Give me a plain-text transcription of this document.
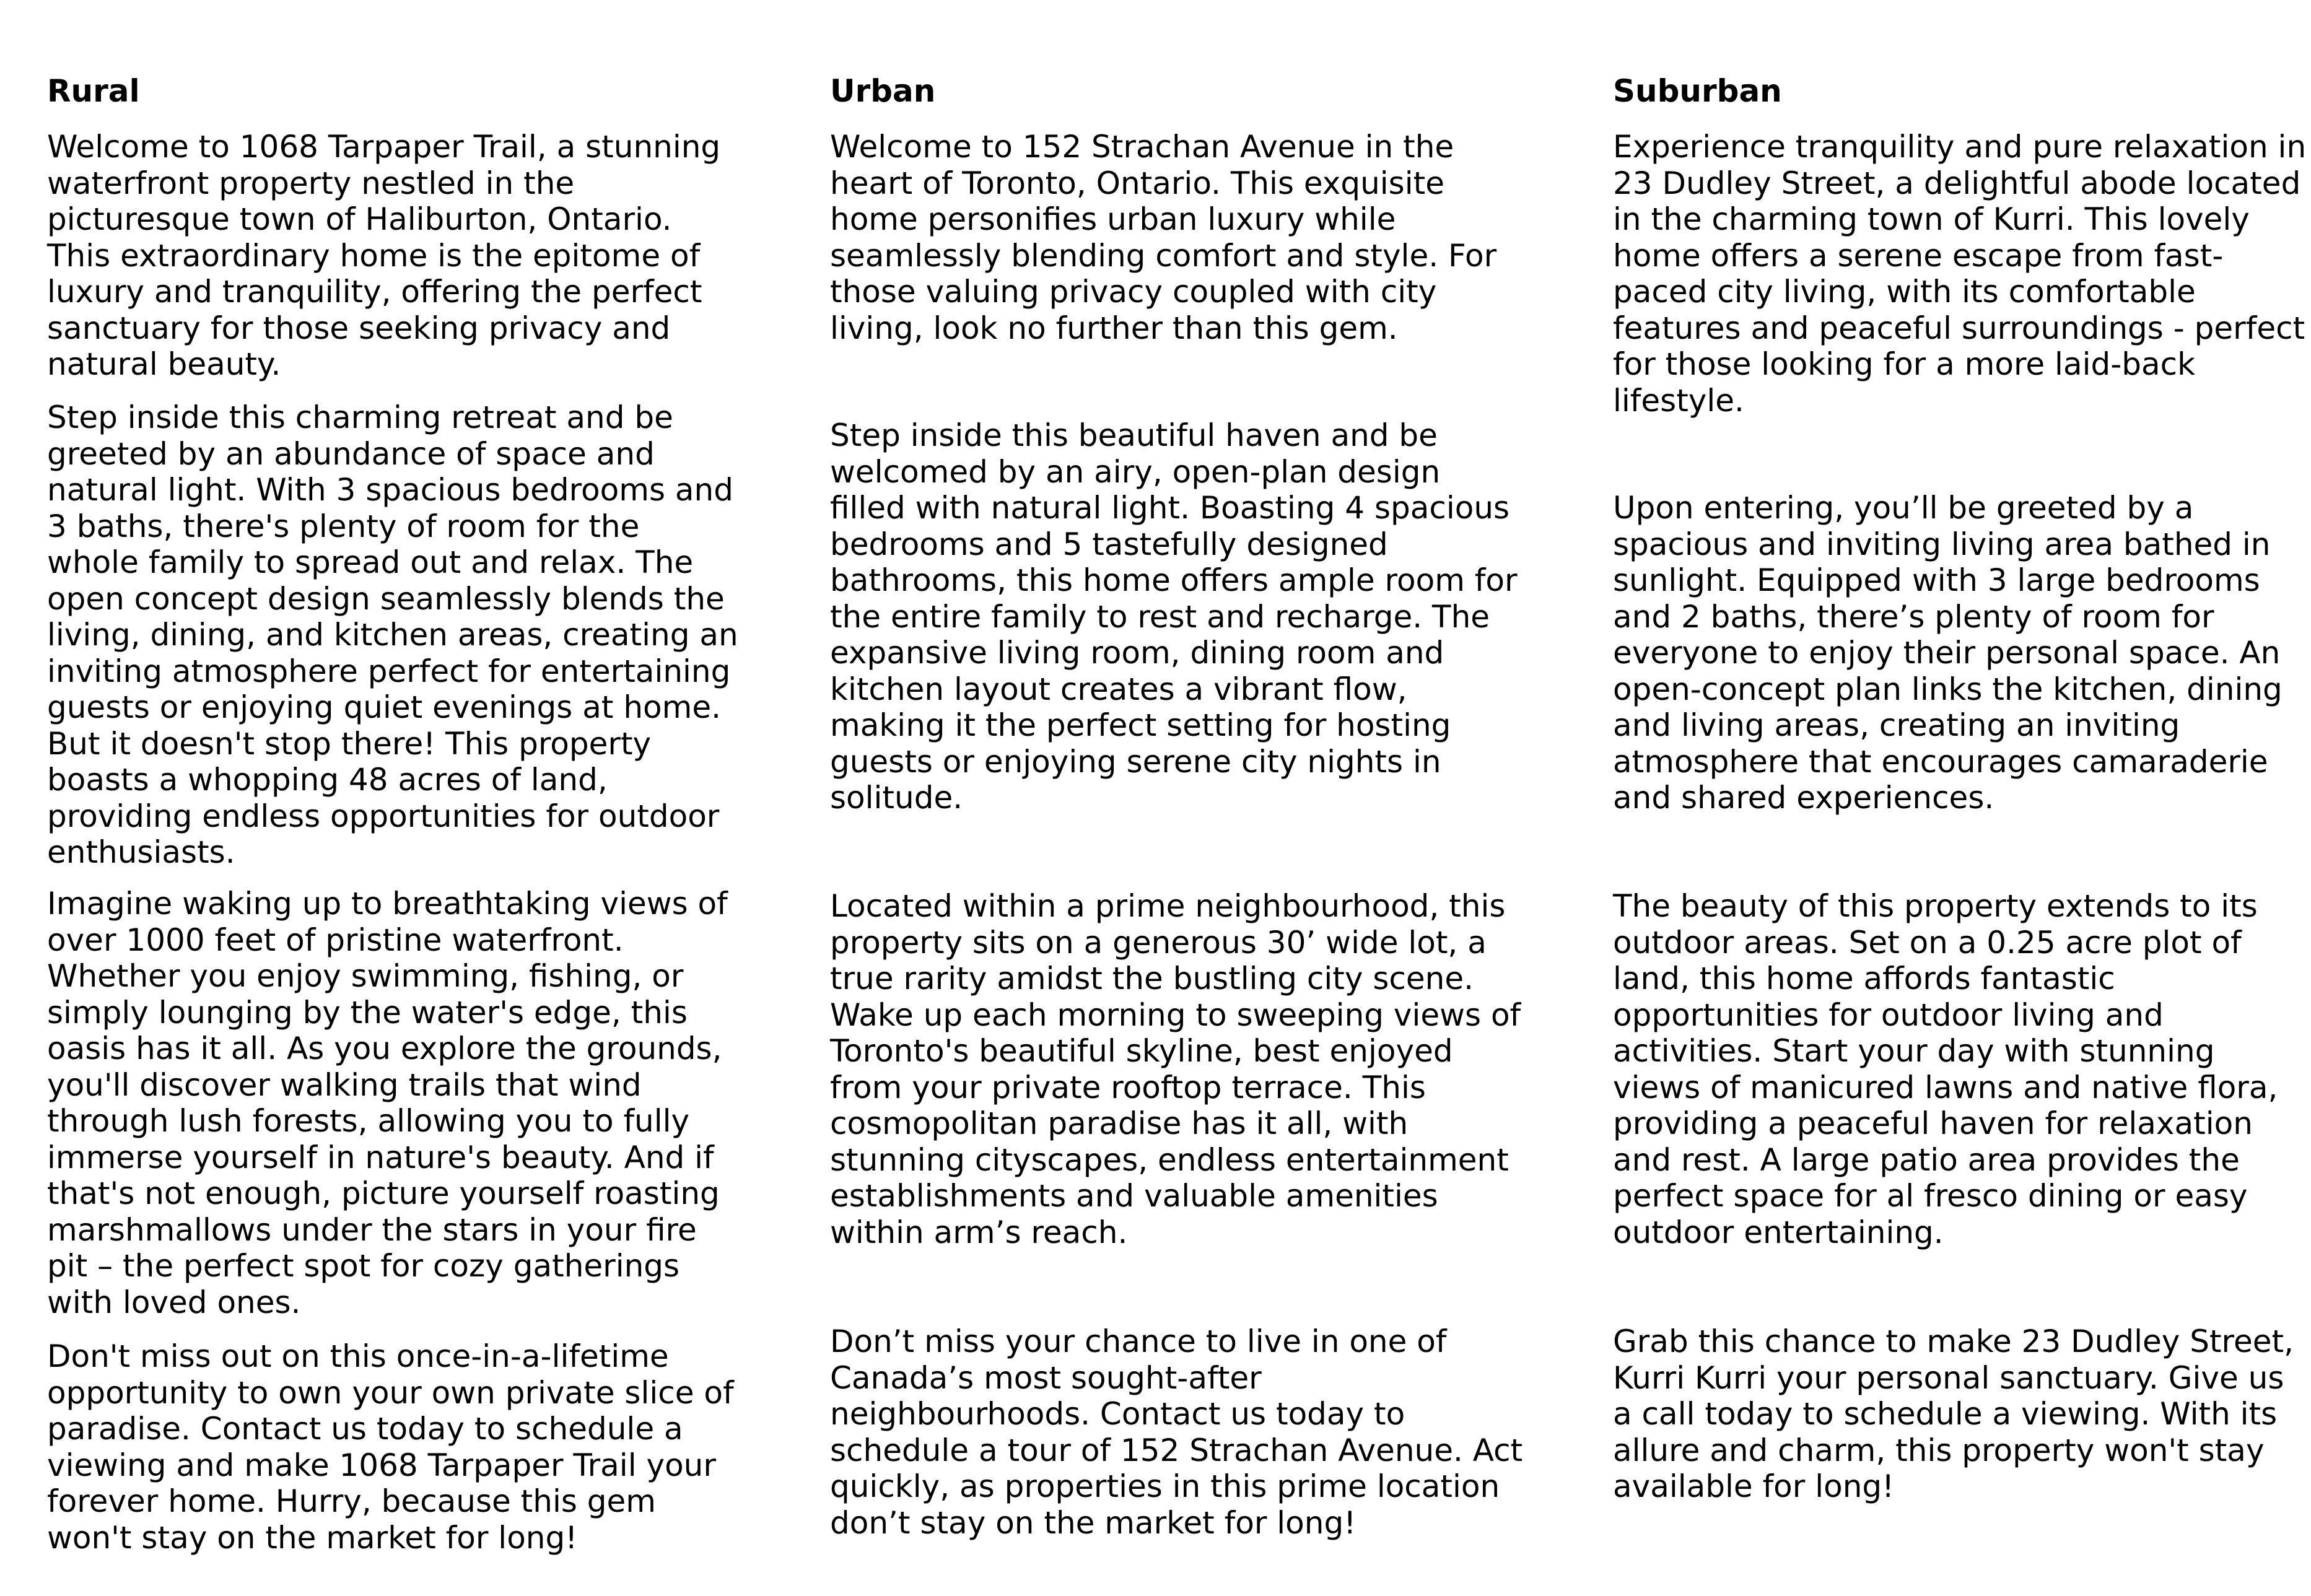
Rural

Welcome to 1068 Tarpaper Trail, a stunning waterfront property nestled in the picturesque town of Haliburton, Ontario. This extraordinary home is the epitome of luxury and tranquility, offering the perfect sanctuary for those seeking privacy and natural beauty.

Step inside this charming retreat and be greeted by an abundance of space and natural light. With 3 spacious bedrooms and 3 baths, there's plenty of room for the whole family to spread out and relax. The open concept design seamlessly blends the living, dining, and kitchen areas, creating an inviting atmosphere perfect for entertaining guests or enjoying quiet evenings at home. But it doesn't stop there! This property boasts a whopping 48 acres of land, providing endless opportunities for outdoor enthusiasts.

Imagine waking up to breathtaking views of over 1000 feet of pristine waterfront. Whether you enjoy swimming, fishing, or simply lounging by the water's edge, this oasis has it all. As you explore the grounds, you'll discover walking trails that wind through lush forests, allowing you to fully immerse yourself in nature's beauty. And if that's not enough, picture yourself roasting marshmallows under the stars in your fire pit – the perfect spot for cozy gatherings with loved ones.

Don't miss out on this once-in-a-lifetime opportunity to own your own private slice of paradise. Contact us today to schedule a viewing and make 1068 Tarpaper Trail your forever home. Hurry, because this gem won't stay on the market for long!

Urban

Welcome to 152 Strachan Avenue in the heart of Toronto, Ontario. This exquisite home personifies urban luxury while seamlessly blending comfort and style. For those valuing privacy coupled with city living, look no further than this gem.

Step inside this beautiful haven and be welcomed by an airy, open-plan design filled with natural light. Boasting 4 spacious bedrooms and 5 tastefully designed bathrooms, this home offers ample room for the entire family to rest and recharge. The expansive living room, dining room and kitchen layout creates a vibrant flow, making it the perfect setting for hosting guests or enjoying serene city nights in solitude.

Located within a prime neighbourhood, this property sits on a generous 30’ wide lot, a true rarity amidst the bustling city scene. Wake up each morning to sweeping views of Toronto's beautiful skyline, best enjoyed from your private rooftop terrace. This cosmopolitan paradise has it all, with stunning cityscapes, endless entertainment establishments and valuable amenities within arm’s reach.

Don’t miss your chance to live in one of Canada’s most sought-after neighbourhoods. Contact us today to schedule a tour of 152 Strachan Avenue. Act quickly, as properties in this prime location don’t stay on the market for long!

Suburban

Experience tranquility and pure relaxation in 23 Dudley Street, a delightful abode located in the charming town of Kurri. This lovely home offers a serene escape from fast-paced city living, with its comfortable features and peaceful surroundings - perfect for those looking for a more laid-back lifestyle.

Upon entering, you’ll be greeted by a spacious and inviting living area bathed in sunlight. Equipped with 3 large bedrooms and 2 baths, there’s plenty of room for everyone to enjoy their personal space. An open-concept plan links the kitchen, dining and living areas, creating an inviting atmosphere that encourages camaraderie and shared experiences.

The beauty of this property extends to its outdoor areas. Set on a 0.25 acre plot of land, this home affords fantastic opportunities for outdoor living and activities. Start your day with stunning views of manicured lawns and native flora, providing a peaceful haven for relaxation and rest. A large patio area provides the perfect space for al fresco dining or easy outdoor entertaining.

Grab this chance to make 23 Dudley Street, Kurri Kurri your personal sanctuary. Give us a call today to schedule a viewing. With its allure and charm, this property won't stay available for long!
